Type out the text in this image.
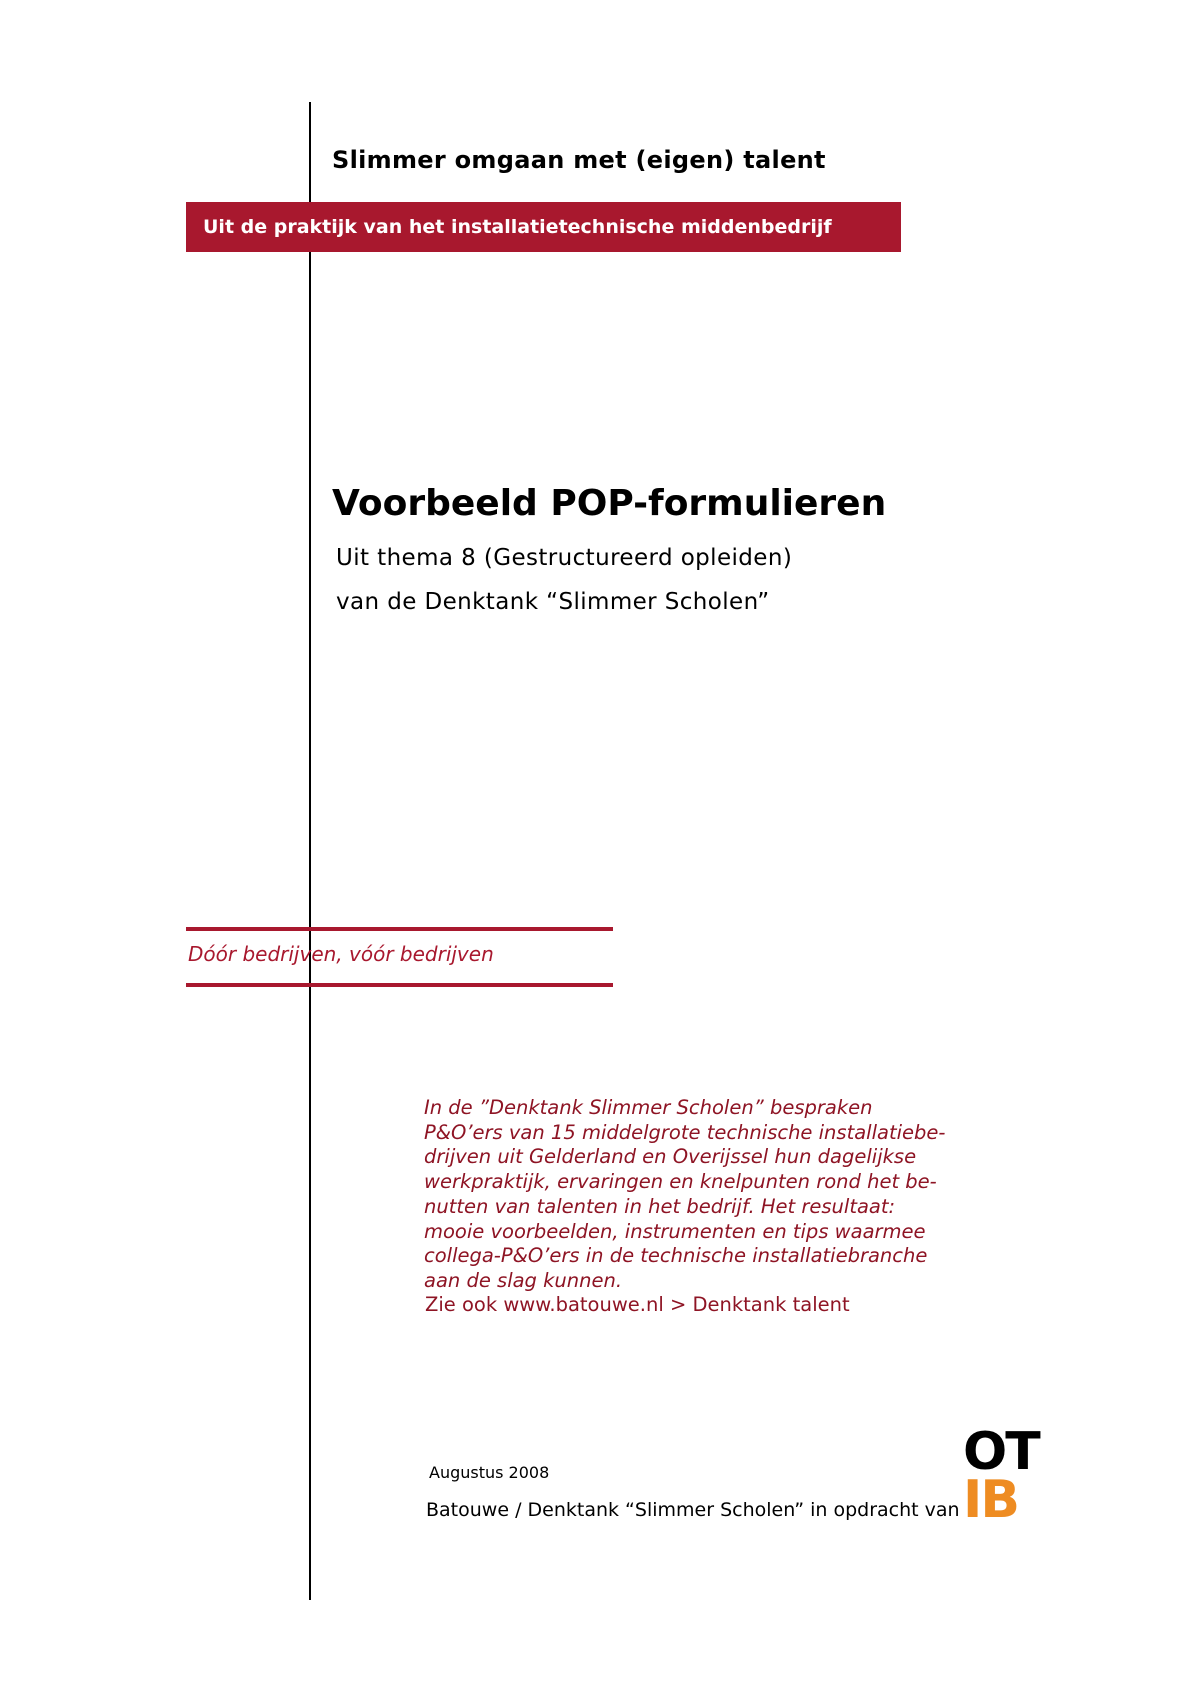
Slimmer omgaan met (eigen) talent
Uit de praktijk van het installatietechnische middenbedrijf
Voorbeeld POP-formulieren
Uit thema 8 (Gestructureerd opleiden)
van de Denktank “Slimmer Scholen”
Dóór bedrijven, vóór bedrijven
In de ”Denktank Slimmer Scholen” bespraken
P&O’ers van 15 middelgrote technische installatiebe-
drijven uit Gelderland en Overijssel hun dagelijkse
werkpraktijk, ervaringen en knelpunten rond het be-
nutten van talenten in het bedrijf. Het resultaat:
mooie voorbeelden, instrumenten en tips waarmee
collega-P&O’ers in de technische installatiebranche
aan de slag kunnen.
Zie ook www.batouwe.nl > Denktank talent
Augustus 2008
Batouwe / Denktank “Slimmer Scholen” in opdracht van
OT
IB
